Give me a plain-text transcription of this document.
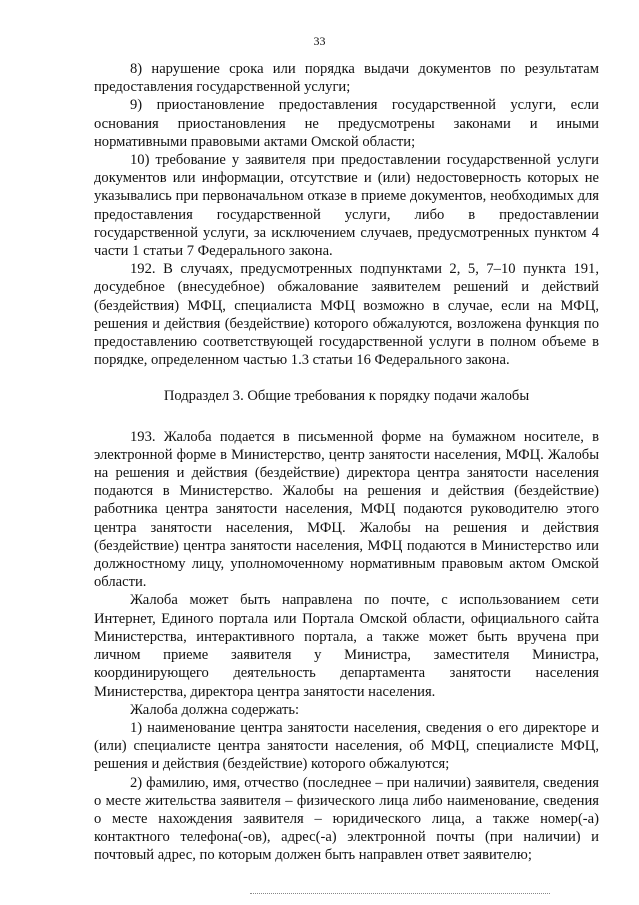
33

8) нарушение срока или порядка выдачи документов по результатам предоставления государственной услуги;

9) приостановление предоставления государственной услуги, если основания приостановления не предусмотрены законами и иными нормативными правовыми актами Омской области;

10) требование у заявителя при предоставлении государственной услуги документов или информации, отсутствие и (или) недостоверность которых не указывались при первоначальном отказе в приеме документов, необходимых для предоставления государственной услуги, либо в предоставлении государственной услуги, за исключением случаев, предусмотренных пунктом 4 части 1 статьи 7 Федерального закона.

192. В случаях, предусмотренных подпунктами 2, 5, 7–10 пункта 191, досудебное (внесудебное) обжалование заявителем решений и действий (бездействия) МФЦ, специалиста МФЦ возможно в случае, если на МФЦ, решения и действия (бездействие) которого обжалуются, возложена функция по предоставлению соответствующей государственной услуги в полном объеме в порядке, определенном частью 1.3 статьи 16 Федерального закона.

Подраздел 3. Общие требования к порядку подачи жалобы

193. Жалоба подается в письменной форме на бумажном носителе, в электронной форме в Министерство, центр занятости населения, МФЦ. Жалобы на решения и действия (бездействие) директора центра занятости населения подаются в Министерство. Жалобы на решения и действия (бездействие) работника центра занятости населения, МФЦ подаются руководителю этого центра занятости населения, МФЦ. Жалобы на решения и действия (бездействие) центра занятости населения, МФЦ подаются в Министерство или должностному лицу, уполномоченному нормативным правовым актом Омской области.

Жалоба может быть направлена по почте, с использованием сети Интернет, Единого портала или Портала Омской области, официального сайта Министерства, интерактивного портала, а также может быть вручена при личном приеме заявителя у Министра, заместителя Министра, координирующего деятельность департамента занятости населения Министерства, директора центра занятости населения.

Жалоба должна содержать:

1) наименование центра занятости населения, сведения о его директоре и (или) специалисте центра занятости населения, об МФЦ, специалисте МФЦ, решения и действия (бездействие) которого обжалуются;

2) фамилию, имя, отчество (последнее – при наличии) заявителя, сведения о месте жительства заявителя – физического лица либо наименование, сведения о месте нахождения заявителя – юридического лица, а также номер(-а) контактного телефона(-ов), адрес(-а) электронной почты (при наличии) и почтовый адрес, по которым должен быть направлен ответ заявителю;
